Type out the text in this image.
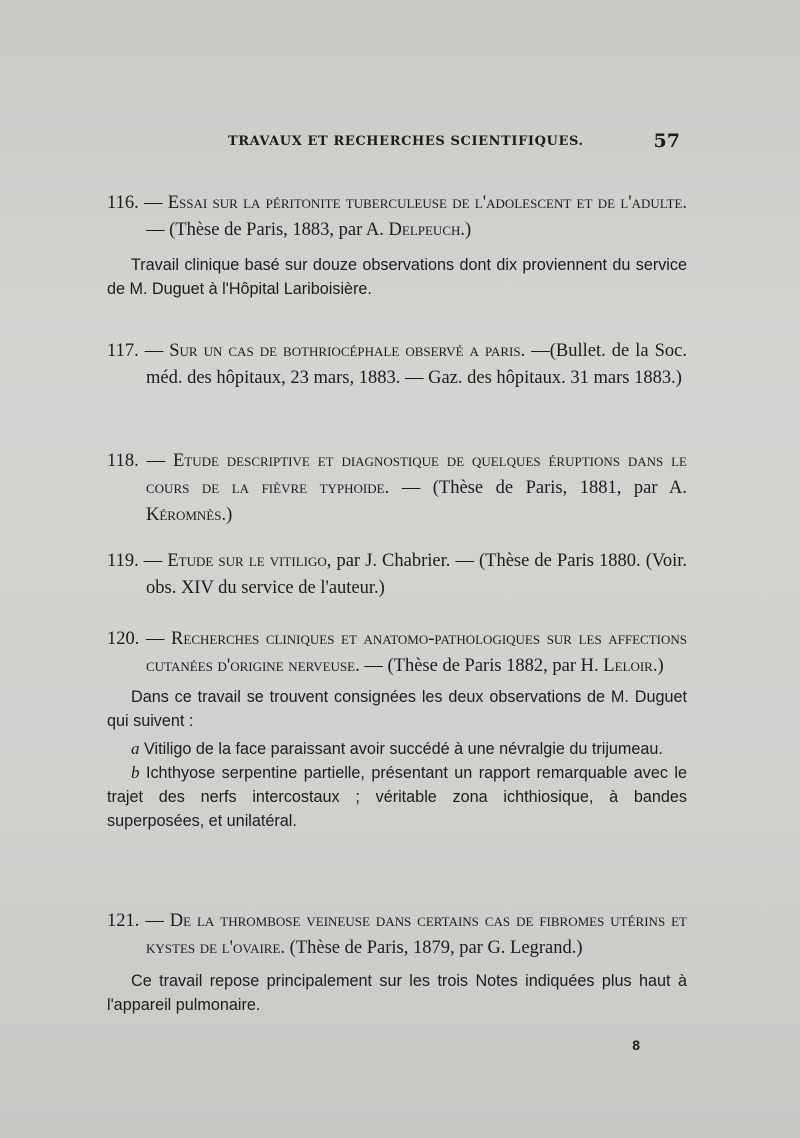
TRAVAUX ET RECHERCHES SCIENTIFIQUES.	57

116. — Essai sur la péritonite tuberculeuse de l'adolescent et de l'adulte. — (Thèse de Paris, 1883, par A. Delpeuch.)

Travail clinique basé sur douze observations dont dix proviennent du service de M. Duguet à l'Hôpital Lariboisière.

117. — Sur un cas de bothriocéphale observé a paris. —(Bullet. de la Soc. méd. des hôpitaux, 23 mars, 1883. — Gaz. des hôpitaux. 31 mars 1883.)

118. — Etude descriptive et diagnostique de quelques éruptions dans le cours de la fièvre typhoide. — (Thèse de Paris, 1881, par A. Kéromnès.)

119. — Etude sur le vitiligo, par J. Chabrier. — (Thèse de Paris 1880. (Voir. obs. XIV du service de l'auteur.)

120. — Recherches cliniques et anatomo-pathologiques sur les affections cutanées d'origine nerveuse. — (Thèse de Paris 1882, par H. Leloir.)

Dans ce travail se trouvent consignées les deux observations de M. Duguet qui suivent :

a Vitiligo de la face paraissant avoir succédé à une névralgie du trijumeau.

b Ichthyose serpentine partielle, présentant un rapport remarquable avec le trajet des nerfs intercostaux ; véritable zona ichthiosique, à bandes superposées, et unilatéral.

121. — De la thrombose veineuse dans certains cas de fibromes utérins et kystes de l'ovaire. (Thèse de Paris, 1879, par G. Legrand.)

Ce travail repose principalement sur les trois Notes indiquées plus haut à l'appareil pulmonaire.

8
